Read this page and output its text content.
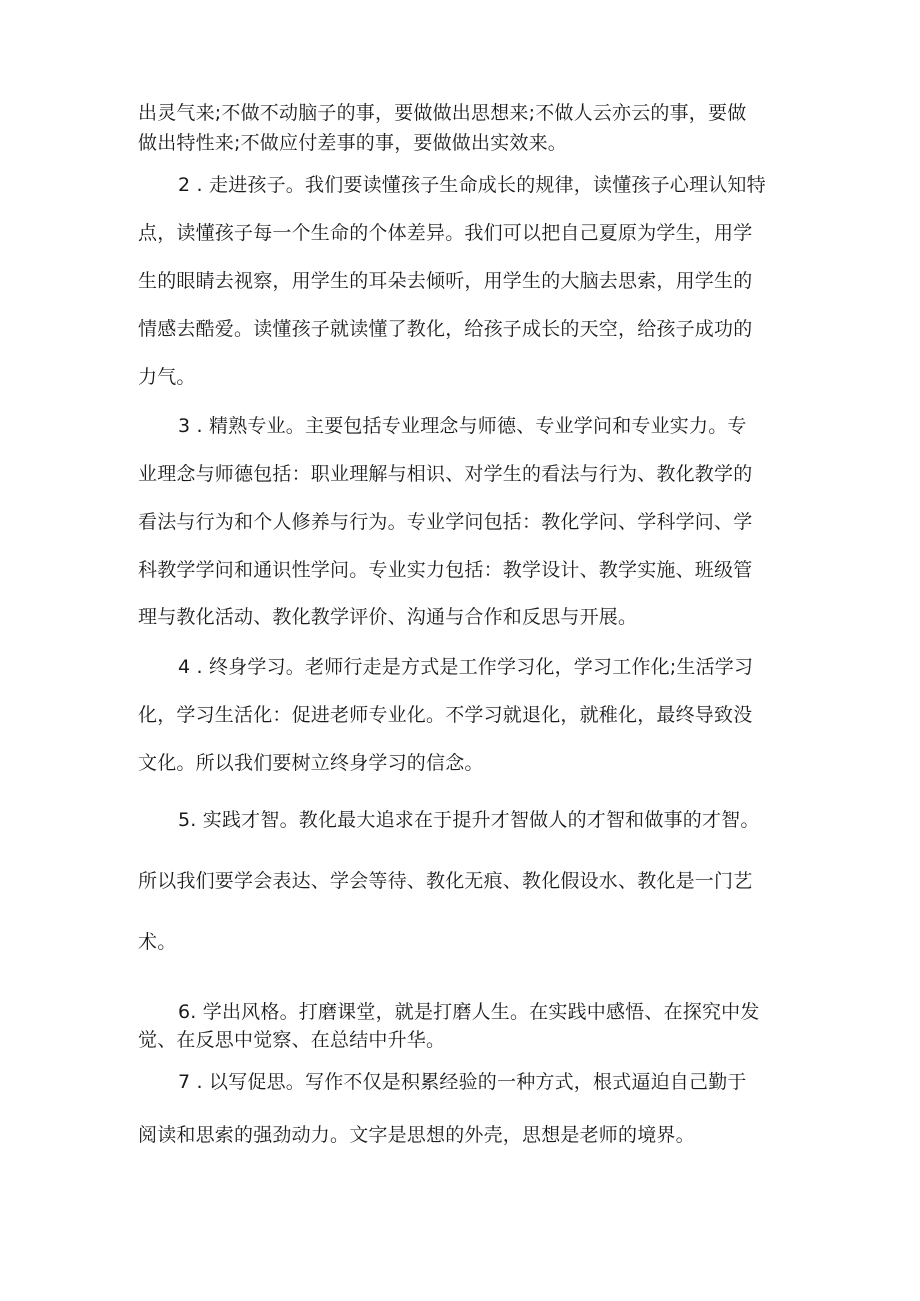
出灵气来;不做不动脑子的事，要做做出思想来;不做人云亦云的事，要做
做出特性来;不做应付差事的事，要做做出实效来。
2 . 走进孩子。我们要读懂孩子生命成长的规律，读懂孩子心理认知特
点，读懂孩子每一个生命的个体差异。我们可以把自己夏原为学生，用学
生的眼睛去视察，用学生的耳朵去倾听，用学生的大脑去思索，用学生的
情感去酷爱。读懂孩子就读懂了教化，给孩子成长的天空，给孩子成功的
力气。
3 . 精熟专业。主要包括专业理念与师德、专业学问和专业实力。专
业理念与师德包括：职业理解与相识、对学生的看法与行为、教化教学的
看法与行为和个人修养与行为。专业学问包括：教化学问、学科学问、学
科教学学问和通识性学问。专业实力包括：教学设计、教学实施、班级管
理与教化活动、教化教学评价、沟通与合作和反思与开展。
4 . 终身学习。老师行走是方式是工作学习化，学习工作化;生活学习
化，学习生活化：促进老师专业化。不学习就退化，就稚化，最终导致没
文化。所以我们要树立终身学习的信念。
5. 实践才智。教化最大追求在于提升才智做人的才智和做事的才智。
所以我们要学会表达、学会等待、教化无痕、教化假设水、教化是一门艺
术。
6. 学出风格。打磨课堂，就是打磨人生。在实践中感悟、在探究中发
觉、在反思中觉察、在总结中升华。
7 . 以写促思。写作不仅是积累经验的一种方式，根式逼迫自己勤于
阅读和思索的强劲动力。文字是思想的外壳，思想是老师的境界。
